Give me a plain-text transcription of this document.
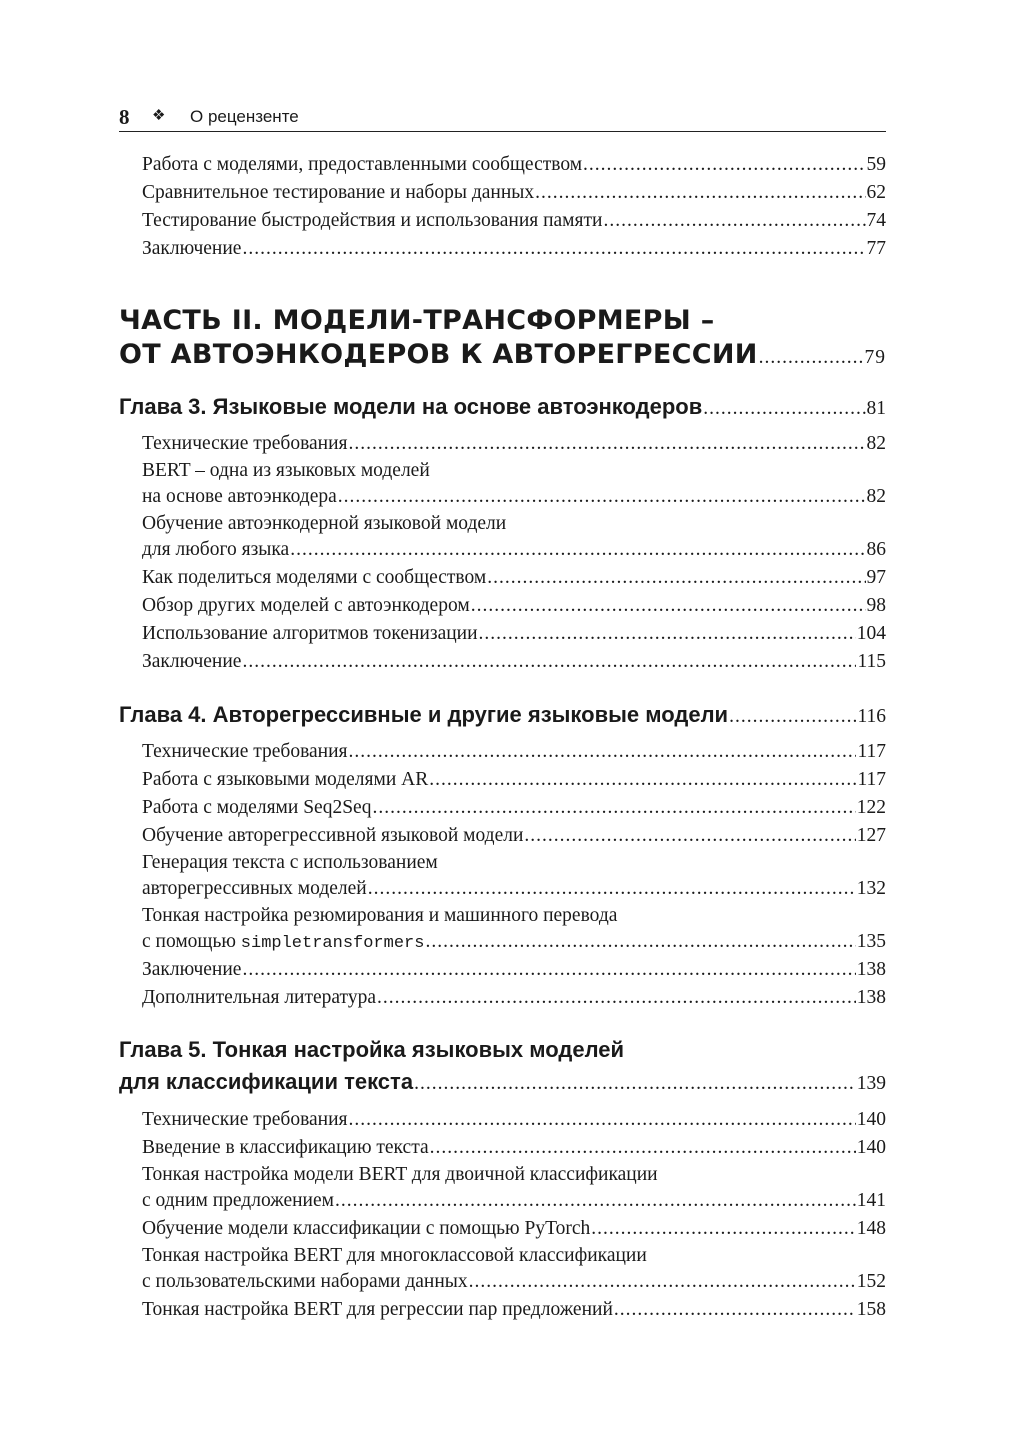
8 ❖ О рецензенте
Работа с моделями, предоставленными сообществом .....	59
Сравнительное тестирование и наборы данных .....	62
Тестирование быстродействия и использования памяти .....	74
Заключение .....	77
ЧАСТЬ II. МОДЕЛИ-ТРАНСФОРМЕРЫ –
ОТ АВТОЭНКОДЕРОВ К АВТОРЕГРЕССИИ .....	79
Глава 3. Языковые модели на основе автоэнкодеров .....	81
Технические требования .....	82
BERT – одна из языковых моделей
на основе автоэнкодера .....	82
Обучение автоэнкодерной языковой модели
для любого языка .....	86
Как поделиться моделями с сообществом .....	97
Обзор других моделей с автоэнкодером .....	98
Использование алгоритмов токенизации .....	104
Заключение .....	115
Глава 4. Авторегрессивные и другие языковые модели .....	116
Технические требования .....	117
Работа с языковыми моделями AR .....	117
Работа с моделями Seq2Seq .....	122
Обучение авторегрессивной языковой модели .....	127
Генерация текста с использованием
авторегрессивных моделей .....	132
Тонкая настройка резюмирования и машинного перевода
с помощью simpletransformers .....	135
Заключение .....	138
Дополнительная литература .....	138
Глава 5. Тонкая настройка языковых моделей
для классификации текста .....	139
Технические требования .....	140
Введение в классификацию текста .....	140
Тонкая настройка модели BERT для двоичной классификации
с одним предложением .....	141
Обучение модели классификации с помощью PyTorch .....	148
Тонкая настройка BERT для многоклассовой классификации
с пользовательскими наборами данных .....	152
Тонкая настройка BERT для регрессии пар предложений .....	158
